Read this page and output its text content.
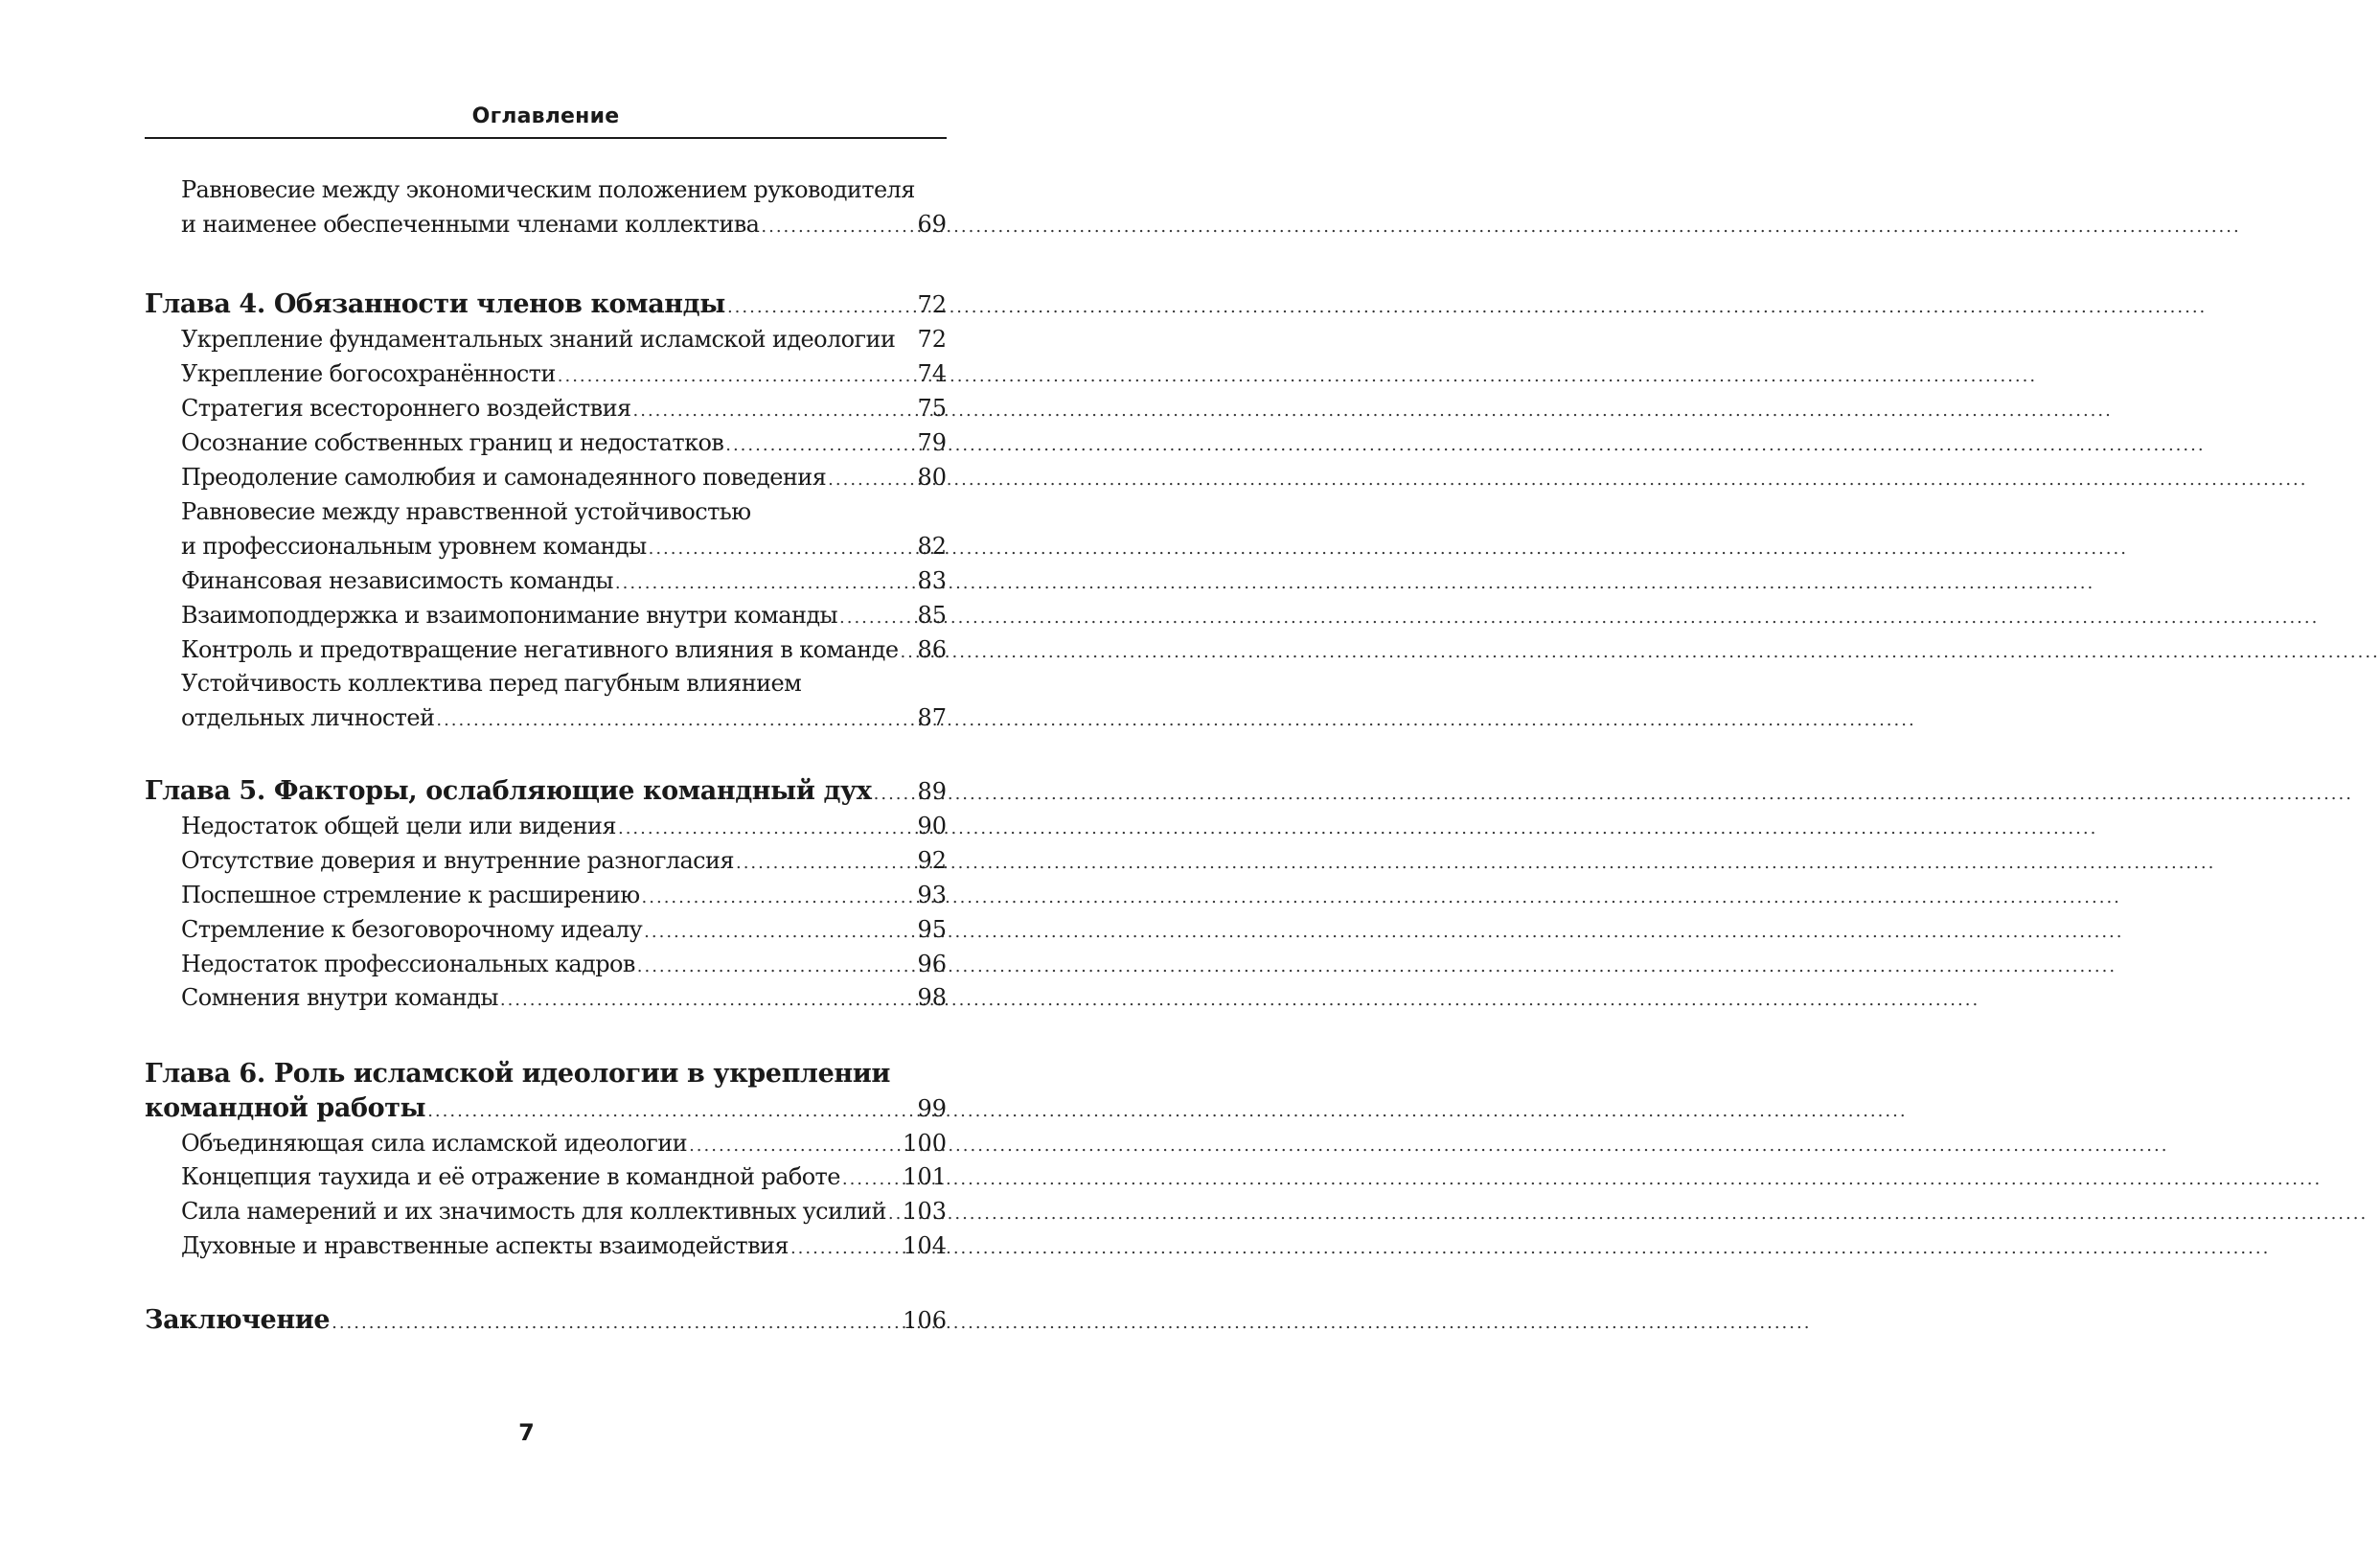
Оглавление
Равновесие между экономическим положением руководителя
и наименее обеспеченными членами коллектива .....	69
Глава 4. Обязанности членов команды .....	72
Укрепление фундаментальных знаний исламской идеологии 72
Укрепление богосохранённости .....	74
Стратегия всестороннего воздействия .....	75
Осознание собственных границ и недостатков .....	79
Преодоление самолюбия и самонадеянного поведения .....	80
Равновесие между нравственной устойчивостью
и профессиональным уровнем команды .....	82
Финансовая независимость команды .....	83
Взаимоподдержка и взаимопонимание внутри команды .....	85
Контроль и предотвращение негативного влияния в команде ..... 86
Устойчивость коллектива перед пагубным влиянием
отдельных личностей .....	87
Глава 5. Факторы, ослабляющие командный дух ..... 89
Недостаток общей цели или видения .....	90
Отсутствие доверия и внутренние разногласия .....	92
Поспешное стремление к расширению .....	93
Стремление к безоговорочному идеалу .....	95
Недостаток профессиональных кадров .....	96
Сомнения внутри команды .....	98
Глава 6. Роль исламской идеологии в укреплении
командной работы .....	99
Объединяющая сила исламской идеологии .....	100
Концепция таухида и её отражение в командной работе .....	101
Сила намерений и их значимость для коллективных усилий ..... 103
Духовные и нравственные аспекты взаимодействия .....	104
Заключение .....	106
7
